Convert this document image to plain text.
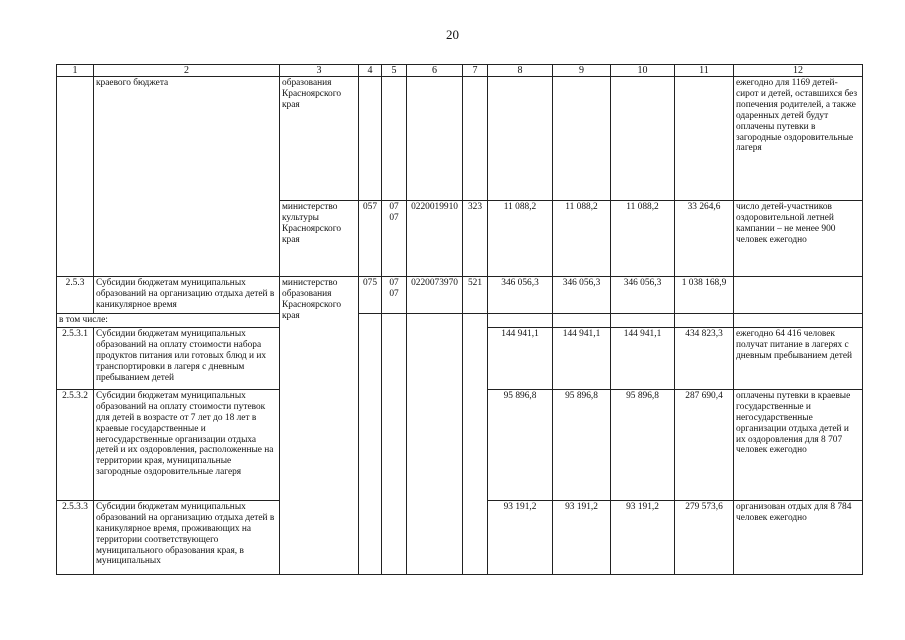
20
1	2	3	4	5	6	7	8	9	10	11	12
	краевого бюджета	образования
Красноярского
края									ежегодно для 1169 детей-сирот и детей, оставшихся без попечения родителей, а также одаренных детей будут оплачены путевки в загородные оздоровительные лагеря
		министерство
культуры
Красноярского
края	057	07 07	0220019910	323	11 088,2	11 088,2	11 088,2	33 264,6	число детей-участников оздоровительной летней кампании – не менее 900 человек ежегодно
2.5.3	Субсидии бюджетам муниципальных образований на организацию отдыха детей в каникулярное время	министерство
образования
Красноярского
края	075	07 07	0220073970	521	346 056,3	346 056,3	346 056,3	1 038 168,9	
в том числе:											
2.5.3.1	Субсидии бюджетам муниципальных образований на оплату стоимости набора продуктов питания или готовых блюд и их транспортировки в лагеря с дневным пребыванием детей						144 941,1	144 941,1	144 941,1	434 823,3	ежегодно 64 416 человек получат питание в лагерях с дневным пребыванием детей
2.5.3.2	Субсидии бюджетам муниципальных образований на оплату стоимости путевок для детей в возрасте от 7 лет до 18 лет в краевые государственные и негосударственные организации отдыха детей и их оздоровления, расположенные на территории края, муниципальные загородные оздоровительные лагеря						95 896,8	95 896,8	95 896,8	287 690,4	оплачены путевки в краевые государственные и негосударственные организации отдыха детей и их оздоровления для 8 707 человек ежегодно
2.5.3.3	Субсидии бюджетам муниципальных образований на организацию отдыха детей в каникулярное время, проживающих на территории соответствующего муниципального образования края, в муниципальных						93 191,2	93 191,2	93 191,2	279 573,6	организован отдых для 8 784 человек ежегодно
